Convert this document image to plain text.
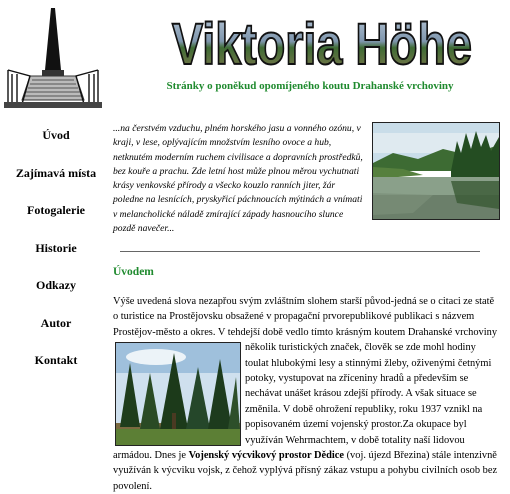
Viktoria Höhe
Stránky o poněkud opomíjeného koutu Drahanské vrchoviny
Úvod
Zajímavá místa
Fotogalerie
Historie
Odkazy
Autor
Kontakt

...na čerstvém vzduchu, plném horského jasu a vonného ozónu, v kraji, v lese, oplývajícím množstvím lesního ovoce a hub, netknutém moderním ruchem civilisace a dopravních prostředků, bez kouře a prachu. Zde letní host může plnou měrou vychutnati krásy venkovské přírody a všecko kouzlo ranních jiter, žár poledne na lesnících, pryskyřicí páchnoucích mýtinách a vnímati v melancholické náladě zmírající západy hasnoucího slunce pozdě navečer...

Úvodem
Výše uvedená slova nezapřou svým zvláštním slohem starší původ-jedná se o citaci ze statě o turistice na Prostějovsku obsažené v propagační prvorepublikové publikaci s názvem Prostějov-město a okres. V tehdejší době vedlo tímto krásným koutem Drahanské
vrchoviny několik turistických značek, člověk se zde mohl hodiny toulat hlubokými lesy a stinnými žleby, oživenými četnými potoky, vystupovat na zříceniny hradů a především se nechávat unášet krásou zdejší přírody. A však situace se změnila. V době ohrožení republiky, roku 1937 vznikl na popisovaném území vojenský prostor.Za okupace byl využíván Wehrmachtem, v době totality naší lidovou armádou. Dnes je Vojenský výcvikový prostor Dědice (voj. újezd Březina) stále intenzivně využíván k výcviku vojsk, z čehož vyplývá přísný zákaz vstupu a pohybu civilních osob bez povolení.
